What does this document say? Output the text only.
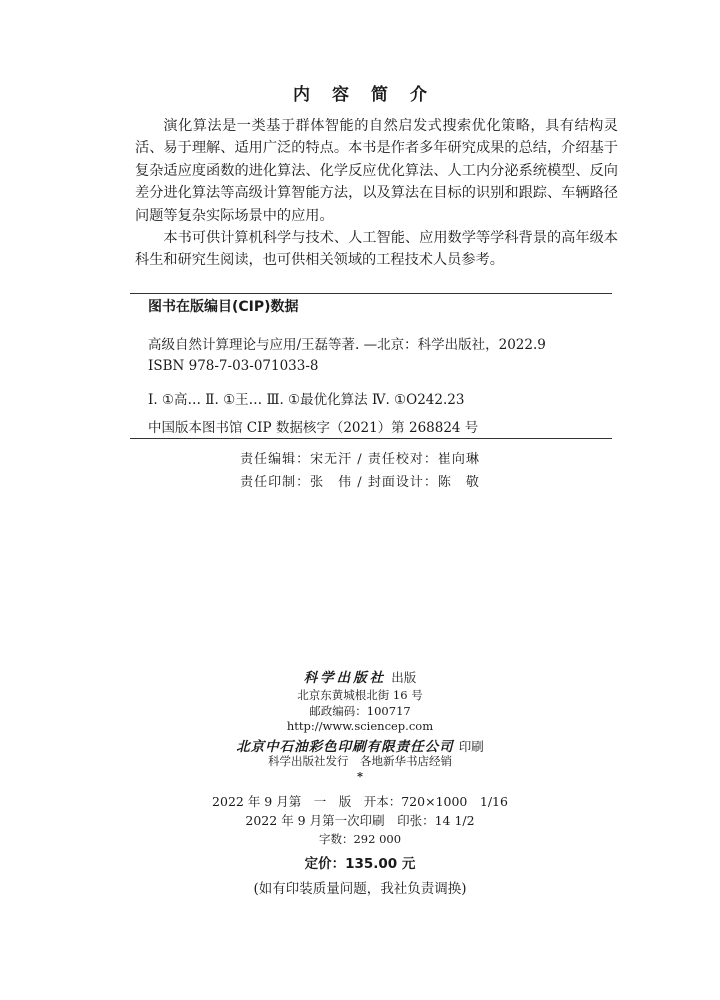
内容简介

演化算法是一类基于群体智能的自然启发式搜索优化策略，具有结构灵活、易于理解、适用广泛的特点。本书是作者多年研究成果的总结，介绍基于复杂适应度函数的进化算法、化学反应优化算法、人工内分泌系统模型、反向差分进化算法等高级计算智能方法，以及算法在目标的识别和跟踪、车辆路径问题等复杂实际场景中的应用。

本书可供计算机科学与技术、人工智能、应用数学等学科背景的高年级本科生和研究生阅读，也可供相关领域的工程技术人员参考。

图书在版编目(CIP)数据
高级自然计算理论与应用/王磊等著. —北京：科学出版社，2022.9
ISBN 978-7-03-071033-8
Ⅰ. ①高… Ⅱ. ①王… Ⅲ. ①最优化算法 Ⅳ. ①O242.23
中国版本图书馆 CIP 数据核字（2021）第 268824 号
责任编辑：宋无汗 / 责任校对：崔向琳
责任印制：张　伟 / 封面设计：陈　敬
科学出版社 出版
北京东黄城根北街 16 号
邮政编码：100717
http://www.sciencep.com
北京中石油彩色印刷有限责任公司 印刷
科学出版社发行　各地新华书店经销
*
2022 年 9 月第　一　版　开本：720×1000　1/16
2022 年 9 月第一次印刷　印张：14 1/2
字数：292 000
定价：135.00 元
(如有印装质量问题，我社负责调换)
